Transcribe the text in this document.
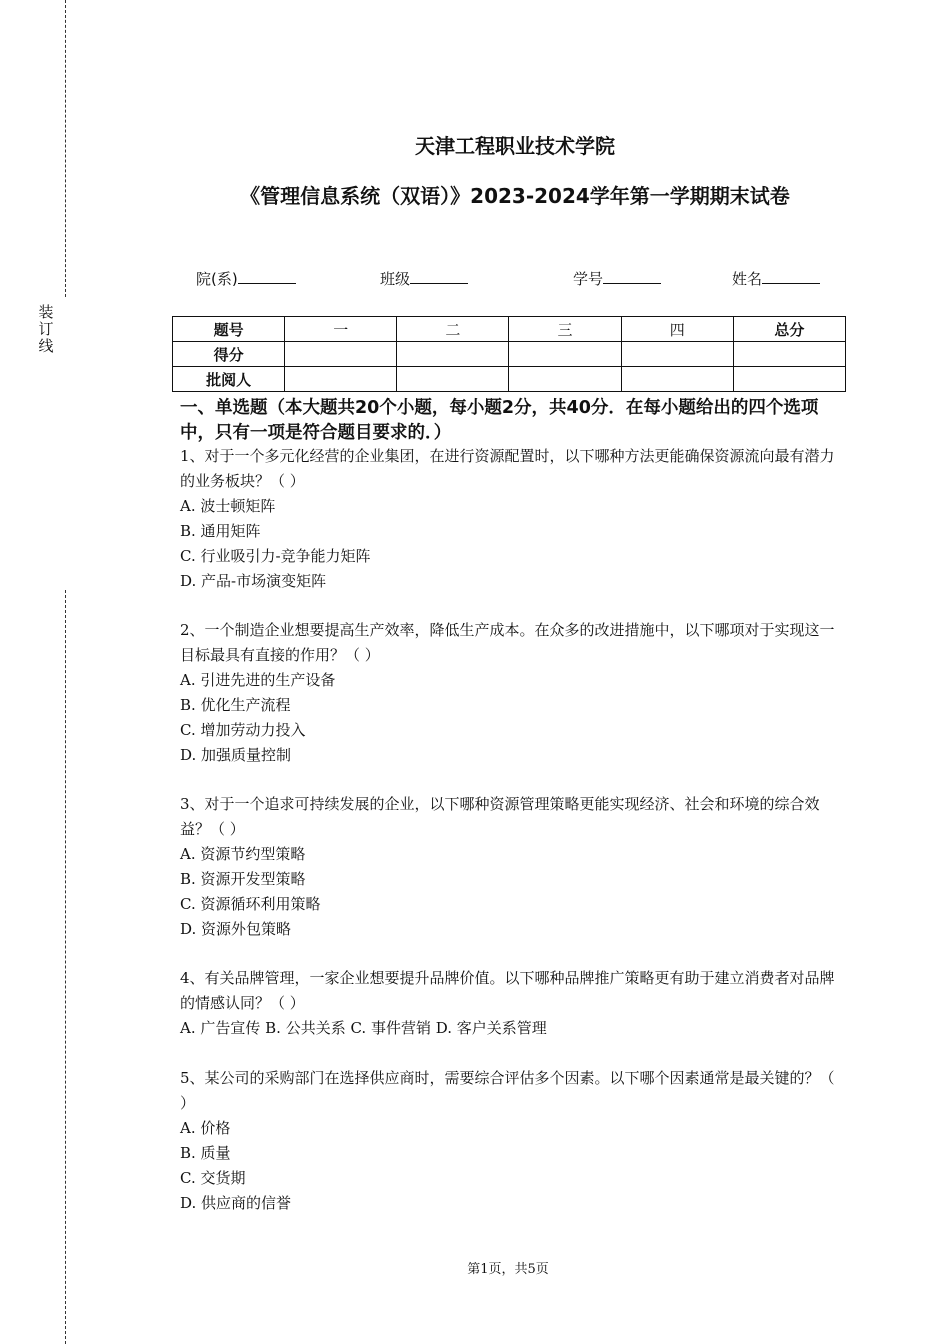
装
订
线
天津工程职业技术学院
《管理信息系统（双语）》2023-2024学年第一学期期末试卷
院(系)	班级	学号	姓名
题号	一	二	三	四	总分
得分					
批阅人					
一、单选题（本大题共20个小题，每小题2分，共40分．在每小题给出的四个选项中，只有一项是符合题目要求的．）

1、对于一个多元化经营的企业集团，在进行资源配置时，以下哪种方法更能确保资源流向最有潜力的业务板块？（ ）

A. 波士顿矩阵

B. 通用矩阵

C. 行业吸引力-竞争能力矩阵

D. 产品-市场演变矩阵

2、一个制造企业想要提高生产效率，降低生产成本。在众多的改进措施中，以下哪项对于实现这一目标最具有直接的作用？（ ）

A. 引进先进的生产设备

B. 优化生产流程

C. 增加劳动力投入

D. 加强质量控制

3、对于一个追求可持续发展的企业，以下哪种资源管理策略更能实现经济、社会和环境的综合效益？（ ）

A. 资源节约型策略

B. 资源开发型策略

C. 资源循环利用策略

D. 资源外包策略

4、有关品牌管理，一家企业想要提升品牌价值。以下哪种品牌推广策略更有助于建立消费者对品牌的情感认同？（ ）

A. 广告宣传 B. 公共关系 C. 事件营销 D. 客户关系管理

5、某公司的采购部门在选择供应商时，需要综合评估多个因素。以下哪个因素通常是最关键的？（ ）

A. 价格

B. 质量

C. 交货期

D. 供应商的信誉

第1页，共5页
